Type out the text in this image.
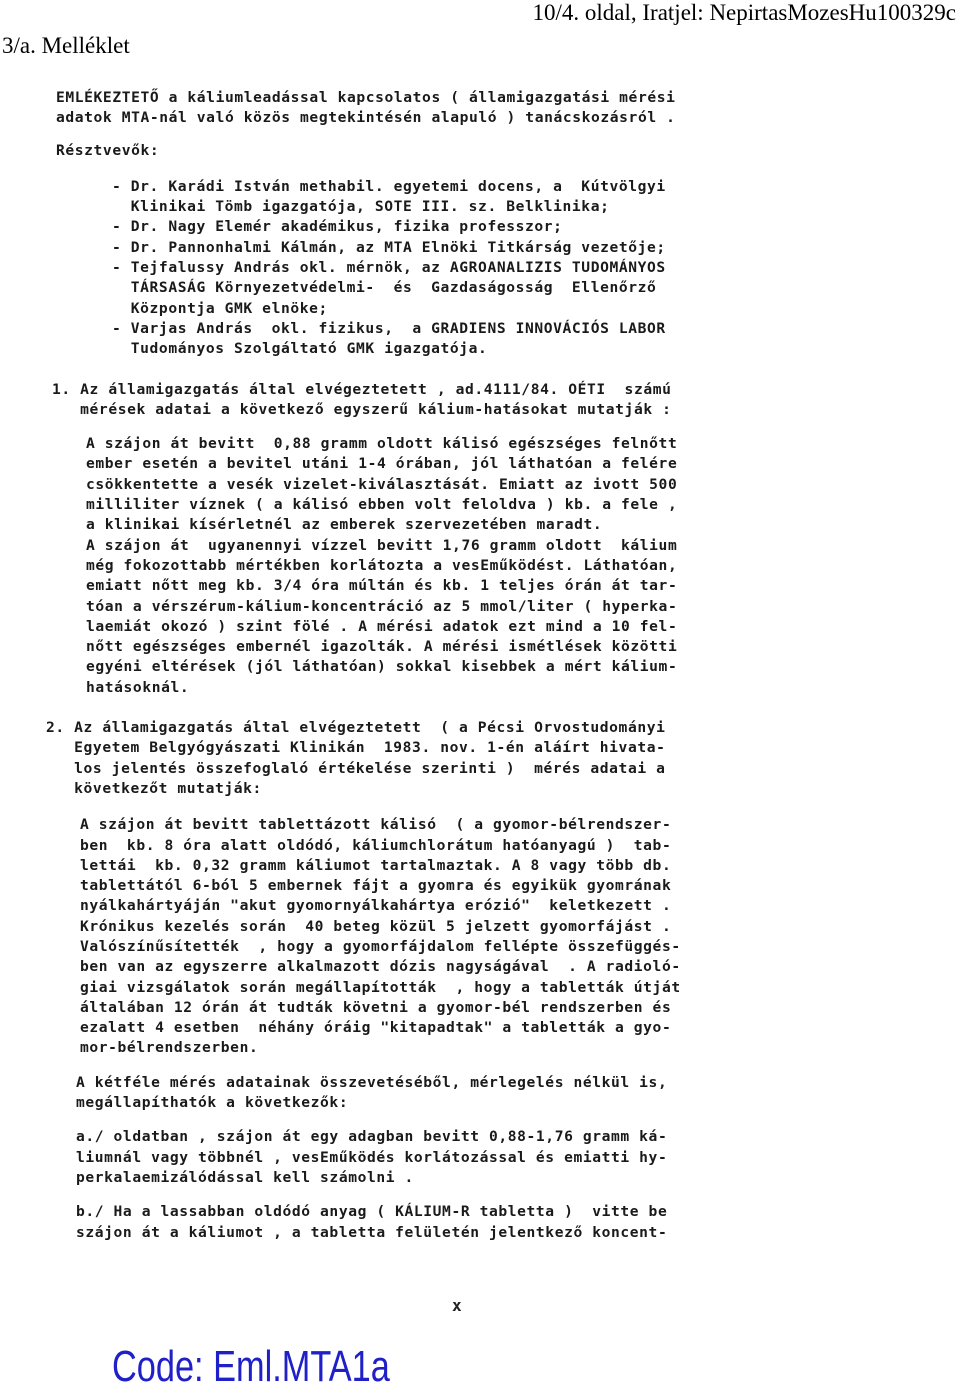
10/4. oldal, Iratjel: NepirtasMozesHu100329c
3/a. Melléklet
EMLÉKEZTETŐ a káliumleadással kapcsolatos ( államigazgatási mérési
adatok MTA-nál való közös megtekintésén alapuló ) tanácskozásról .
Résztvevők:
- Dr. Karádi István methabil. egyetemi docens, a  Kútvölgyi
Klinikai Tömb igazgatója, SOTE III. sz. Belklinika;
- Dr. Nagy Elemér akadémikus, fizika professzor;
- Dr. Pannonhalmi Kálmán, az MTA Elnöki Titkárság vezetője;
- Tejfalussy András okl. mérnök, az AGROANALIZIS TUDOMÁNYOS
TÁRSASÁG Környezetvédelmi-  és  Gazdaságosság  Ellenőrző
Központja GMK elnöke;
- Varjas András  okl. fizikus,  a GRADIENS INNOVÁCIÓS LABOR
Tudományos Szolgáltató GMK igazgatója.
1. Az államigazgatás által elvégeztetett , ad.4111/84. OÉTI  számú
mérések adatai a következő egyszerű kálium-hatásokat mutatják :
A szájon át bevitt  0,88 gramm oldott kálisó egészséges felnőtt
ember esetén a bevitel utáni 1-4 órában, jól láthatóan a felére
csökkentette a vesék vizelet-kiválasztását. Emiatt az ivott 500
milliliter víznek ( a kálisó ebben volt feloldva ) kb. a fele ,
a klinikai kísérletnél az emberek szervezetében maradt.
A szájon át  ugyanennyi vízzel bevitt 1,76 gramm oldott  kálium
még fokozottabb mértékben korlátozta a vesEműködést. Láthatóan,
emiatt nőtt meg kb. 3/4 óra múltán és kb. 1 teljes órán át tar-
tóan a vérszérum-kálium-koncentráció az 5 mmol/liter ( hyperka-
laemiát okozó ) szint fölé . A mérési adatok ezt mind a 10 fel-
nőtt egészséges embernél igazolták. A mérési ismétlések közötti
egyéni eltérések (jól láthatóan) sokkal kisebbek a mért kálium-
hatásoknál.
2. Az államigazgatás által elvégeztetett  ( a Pécsi Orvostudományi
Egyetem Belgyógyászati Klinikán  1983. nov. 1-én aláírt hivata-
los jelentés összefoglaló értékelése szerinti )  mérés adatai a
következőt mutatják:
A szájon át bevitt tablettázott kálisó  ( a gyomor-bélrendszer-
ben  kb. 8 óra alatt oldódó, káliumchlorátum hatóanyagú )  tab-
lettái  kb. 0,32 gramm káliumot tartalmaztak. A 8 vagy több db.
tablettától 6-ból 5 embernek fájt a gyomra és egyikük gyomrának
nyálkahártyáján "akut gyomornyálkahártya erózió"  keletkezett .
Krónikus kezelés során  40 beteg közül 5 jelzett gyomorfájást .
Valószínűsítették  , hogy a gyomorfájdalom fellépte összefüggés-
ben van az egyszerre alkalmazott dózis nagyságával  . A radioló-
giai vizsgálatok során megállapították  , hogy a tabletták útját
általában 12 órán át tudták követni a gyomor-bél rendszerben és
ezalatt 4 esetben  néhány óráig "kitapadtak" a tabletták a gyo-
mor-bélrendszerben.
A kétféle mérés adatainak összevetéséből, mérlegelés nélkül is,
megállapíthatók a következők:
a./ oldatban , szájon át egy adagban bevitt 0,88-1,76 gramm ká-
liumnál vagy többnél , vesEműködés korlátozással és emiatti hy-
perkalaemizálódással kell számolni .
b./ Ha a lassabban oldódó anyag ( KÁLIUM-R tabletta )  vitte be
szájon át a káliumot , a tabletta felületén jelentkező koncent-
x
Code: Eml.MTA1a
